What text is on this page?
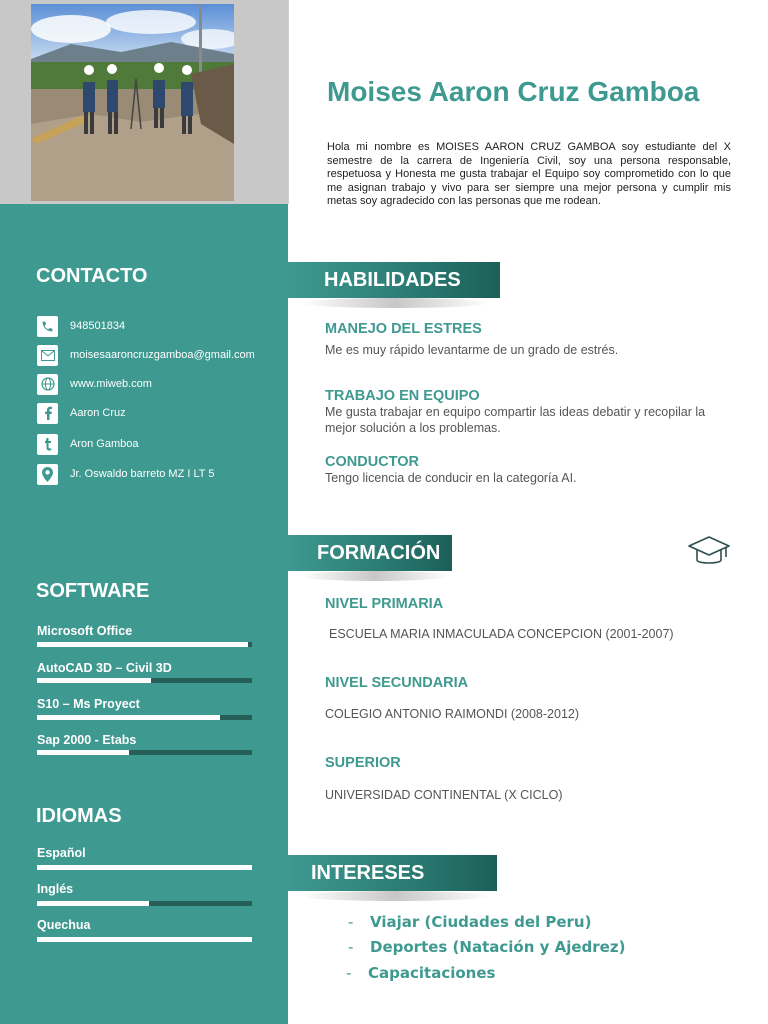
CONTACTO
948501834
moisesaaroncruzgamboa@gmail.com
www.miweb.com
Aaron Cruz
Aron Gamboa
Jr. Oswaldo barreto MZ I LT 5
SOFTWARE
Microsoft Office
AutoCAD 3D – Civil 3D
S10 – Ms Proyect
Sap 2000 - Etabs
IDIOMAS
Español
Inglés
Quechua
Moises Aaron Cruz Gamboa
Hola mi nombre es MOISES AARON CRUZ GAMBOA soy estudiante del X semestre de la carrera de Ingeniería Civil, soy una persona responsable, respetuosa y Honesta me gusta trabajar el Equipo soy comprometido con lo que me asignan trabajo y vivo para ser siempre una mejor persona y cumplir mis metas soy agradecido con las personas que me rodean.
HABILIDADES
MANEJO DEL ESTRES
Me es muy rápido levantarme de un grado de estrés.
TRABAJO EN EQUIPO
Me gusta trabajar en equipo compartir las ideas debatir y recopilar la mejor solución a los problemas.
CONDUCTOR
Tengo licencia de conducir en la categoría AI.
FORMACIÓN
NIVEL PRIMARIA
ESCUELA MARIA INMACULADA CONCEPCION (2001-2007)
NIVEL SECUNDARIA
COLEGIO ANTONIO RAIMONDI (2008-2012)
SUPERIOR
UNIVERSIDAD CONTINENTAL (X CICLO)
INTERESES
- Viajar (Ciudades del Peru)
- Deportes (Natación y Ajedrez)
- Capacitaciones
